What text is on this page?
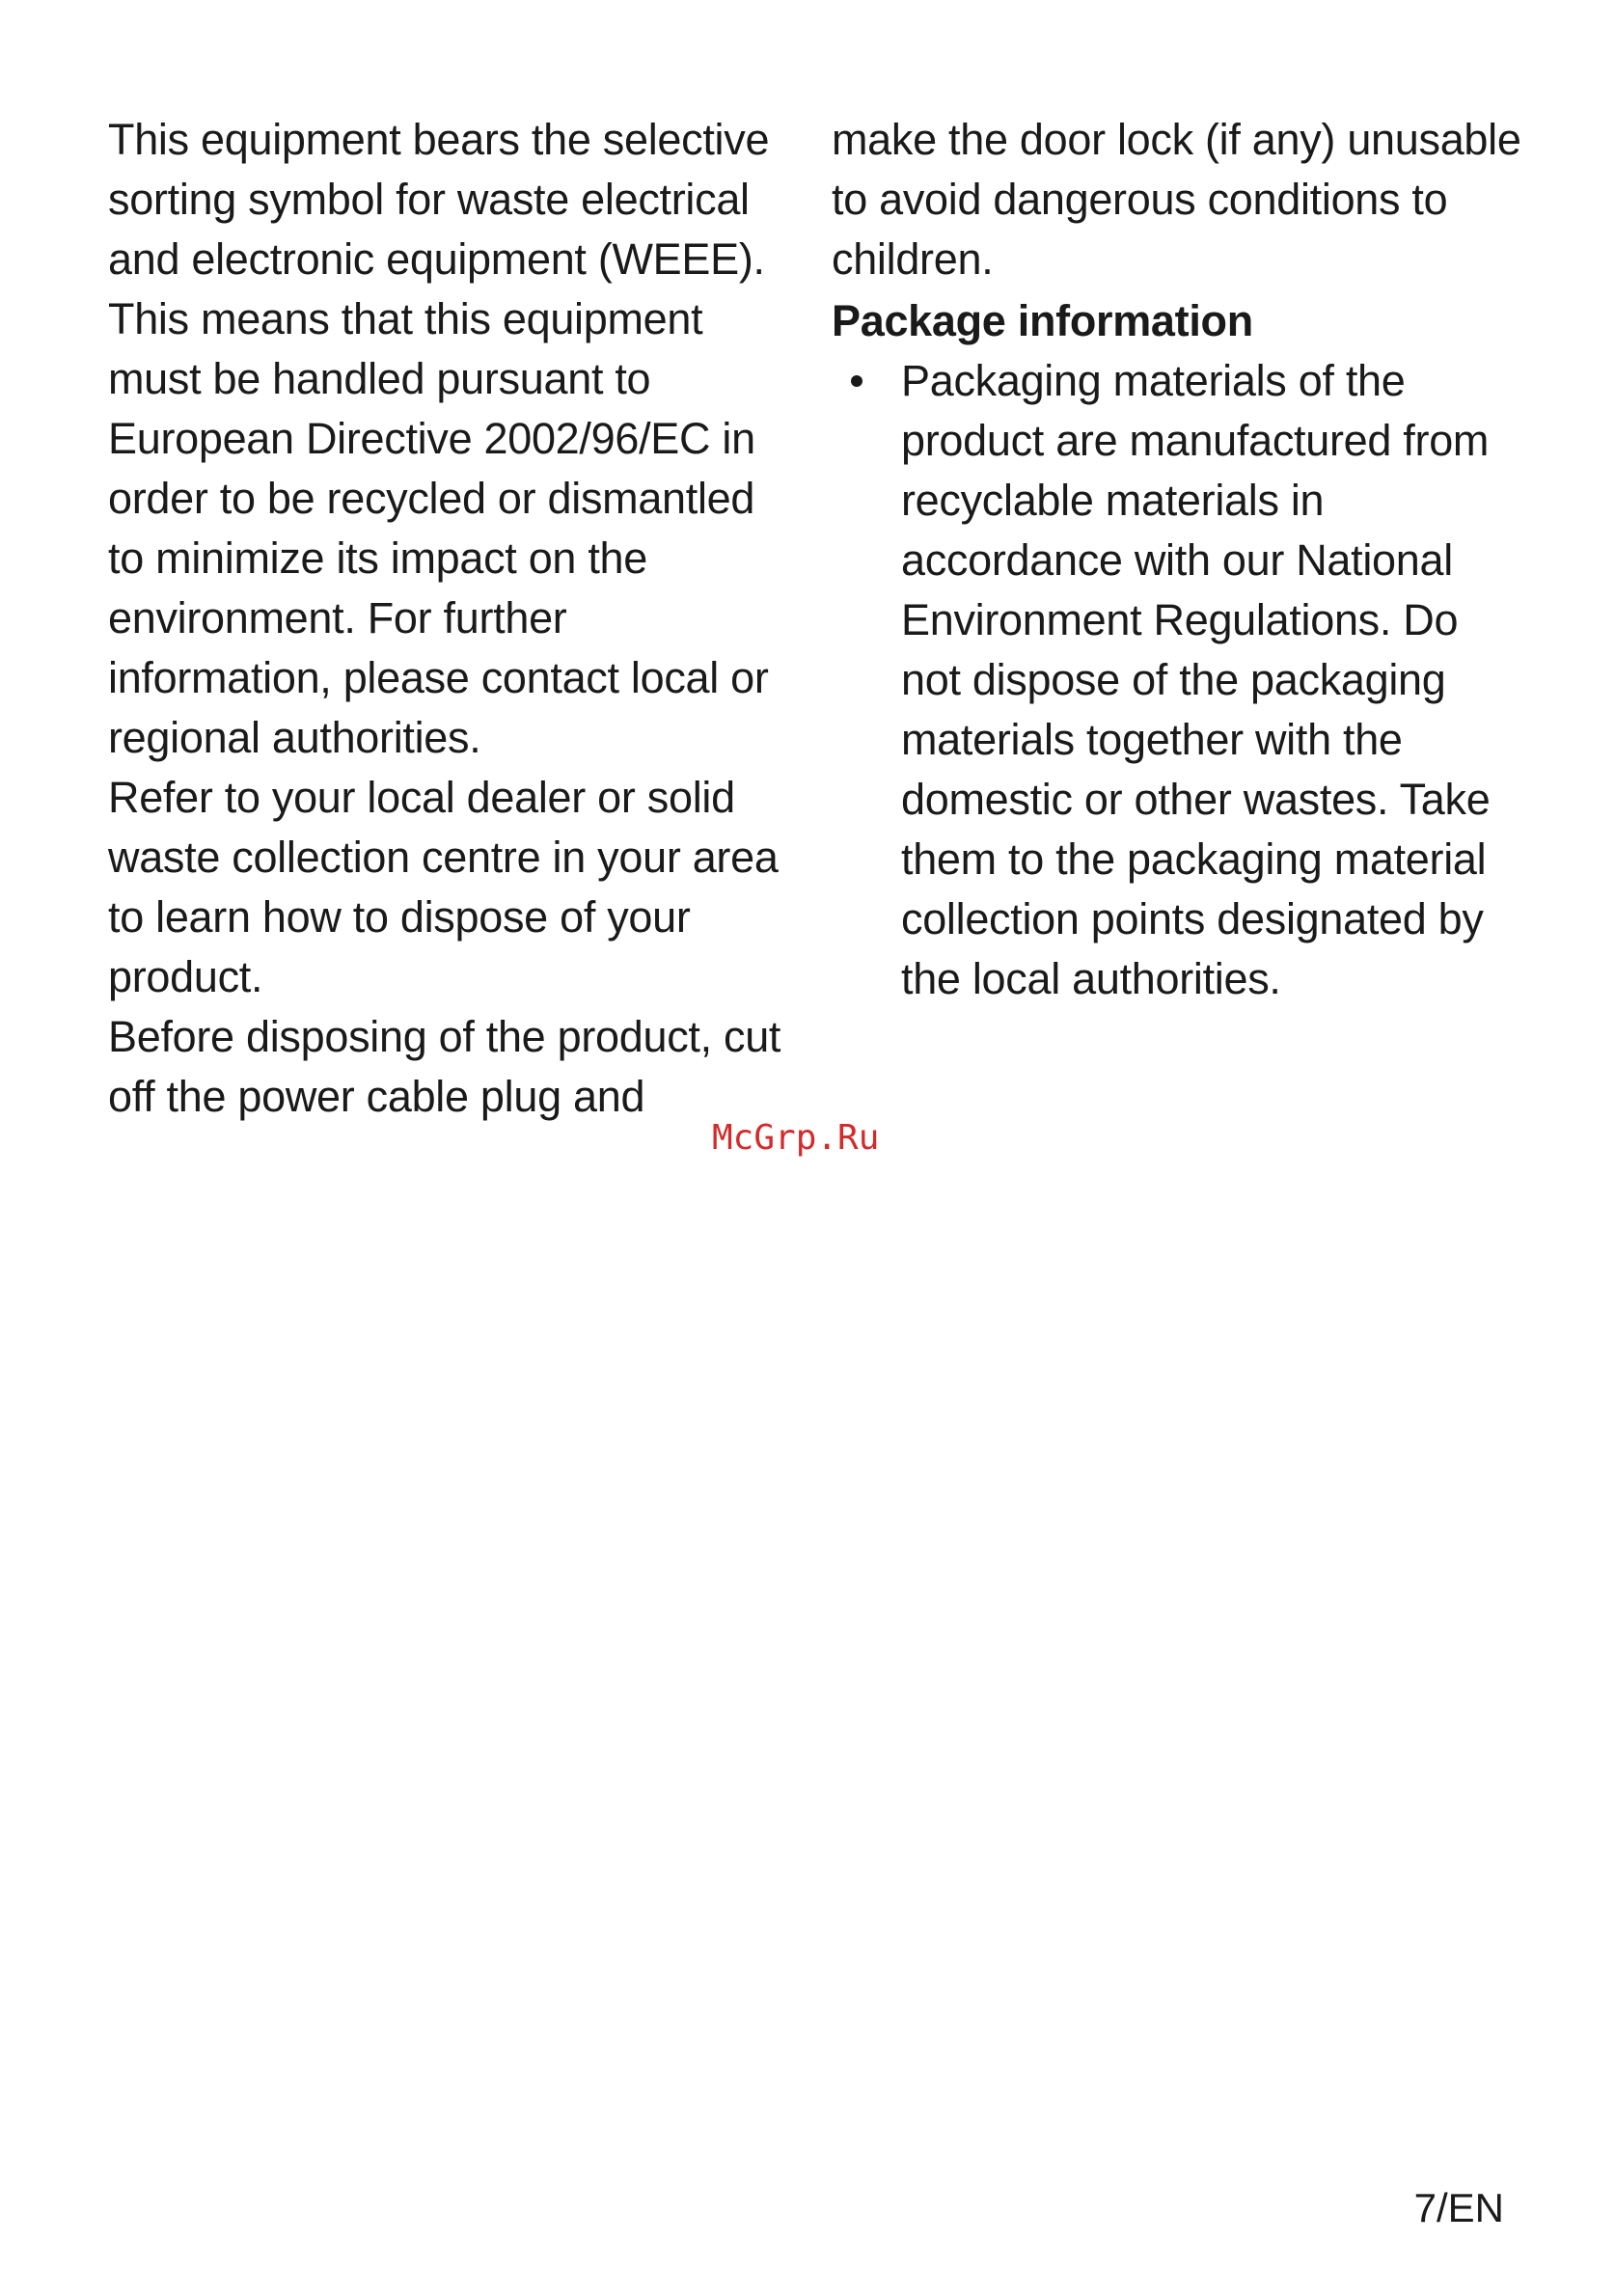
This equipment bears the selective sorting symbol for waste electrical and electronic equipment (WEEE). This means that this equipment must be handled pursuant to European Directive 2002/96/EC in order to be recycled or dismantled to minimize its impact on the environment. For further information, please contact local or regional authorities.

Refer to your local dealer or solid waste collection centre in your area to learn how to dispose of your product.

Before disposing of the product, cut off the power cable plug and

make the door lock (if any) unusable to avoid dangerous conditions to children.

Package information
Packaging materials of the product are manufactured from recyclable materials in accordance with our National Environment Regulations. Do not dispose of the packaging materials together with the domestic or other wastes. Take them to the packaging material collection points designated by the local authorities.
McGrp.Ru
7/EN
